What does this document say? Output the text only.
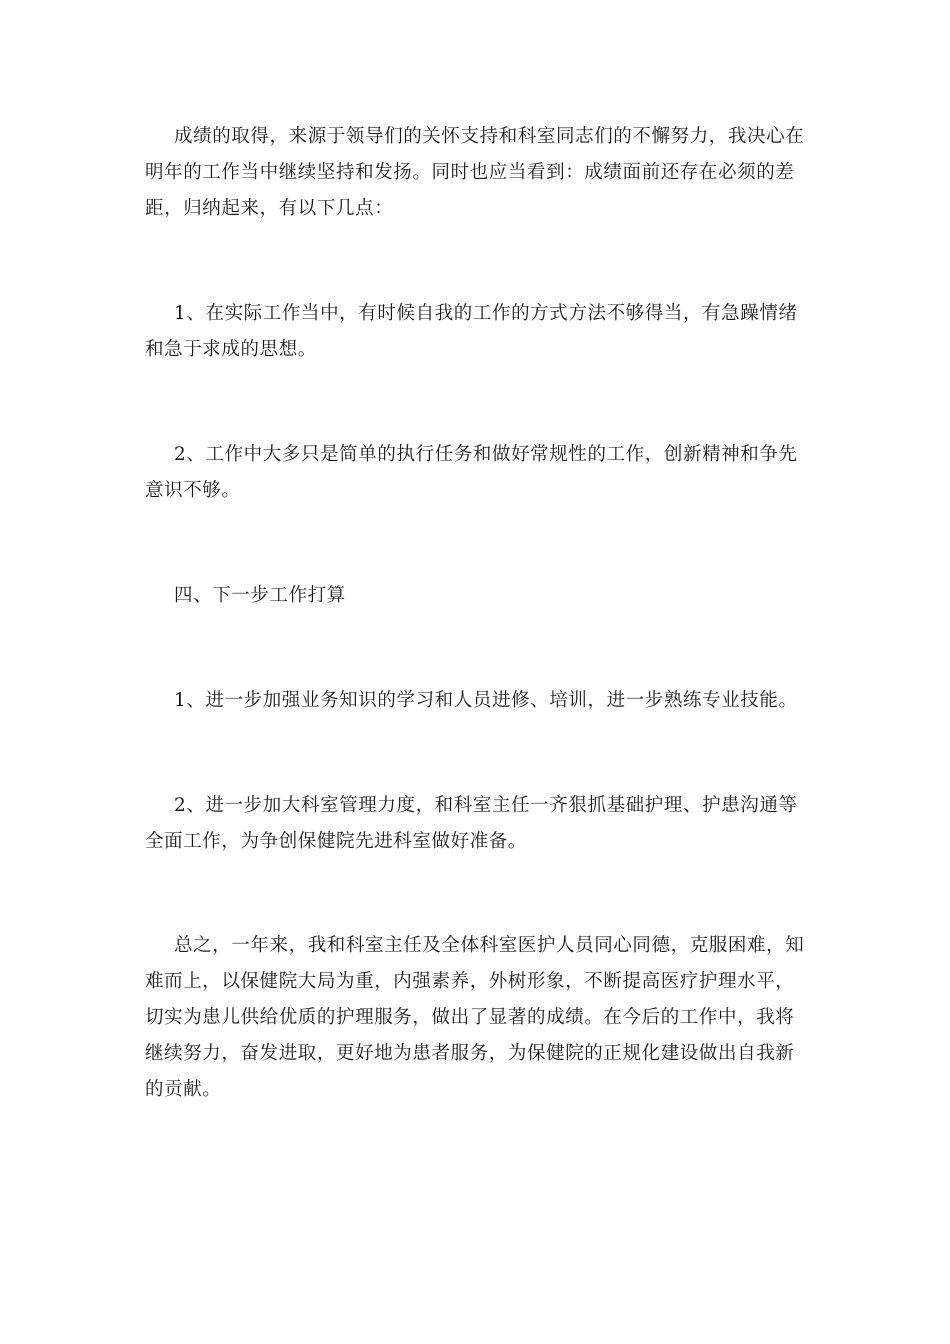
成绩的取得，来源于领导们的关怀支持和科室同志们的不懈努力，我决心在
明年的工作当中继续坚持和发扬。同时也应当看到：成绩面前还存在必须的差
距，归纳起来，有以下几点：

1、在实际工作当中，有时候自我的工作的方式方法不够得当，有急躁情绪
和急于求成的思想。

2、工作中大多只是简单的执行任务和做好常规性的工作，创新精神和争先
意识不够。

四、下一步工作打算

1、进一步加强业务知识的学习和人员进修、培训，进一步熟练专业技能。

2、进一步加大科室管理力度，和科室主任一齐狠抓基础护理、护患沟通等
全面工作，为争创保健院先进科室做好准备。

总之，一年来，我和科室主任及全体科室医护人员同心同德，克服困难，知
难而上，以保健院大局为重，内强素养，外树形象，不断提高医疗护理水平，
切实为患儿供给优质的护理服务，做出了显著的成绩。在今后的工作中，我将
继续努力，奋发进取，更好地为患者服务，为保健院的正规化建设做出自我新
的贡献。
